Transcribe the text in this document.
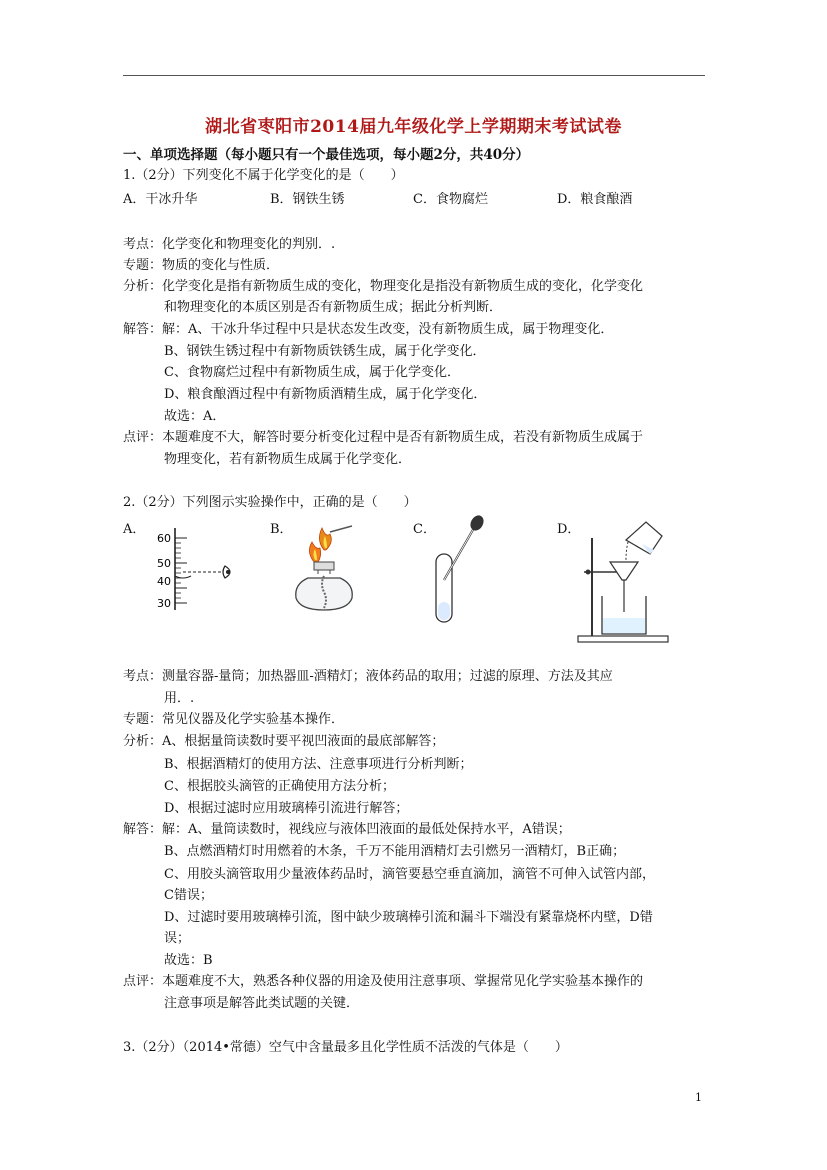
湖北省枣阳市2014届九年级化学上学期期末考试试卷
一、单项选择题（每小题只有一个最佳选项，每小题2分，共40分）
1.（2分）下列变化不属于化学变化的是（　　）
A．干冰升华	B．钢铁生锈	C．食物腐烂	D．粮食酿酒
考点：化学变化和物理变化的判别．.
专题：物质的变化与性质．
分析：化学变化是指有新物质生成的变化，物理变化是指没有新物质生成的变化，化学变化
和物理变化的本质区别是否有新物质生成；据此分析判断．
解答：解：A、干冰升华过程中只是状态发生改变，没有新物质生成，属于物理变化．
B、钢铁生锈过程中有新物质铁锈生成，属于化学变化．
C、食物腐烂过程中有新物质生成，属于化学变化．
D、粮食酿酒过程中有新物质酒精生成，属于化学变化．
故选：A．
点评：本题难度不大，解答时要分析变化过程中是否有新物质生成，若没有新物质生成属于
物理变化，若有新物质生成属于化学变化．
2.（2分）下列图示实验操作中，正确的是（　　）
A．	B．	C．	D．
60
50
40
30
考点：测量容器-量筒；加热器皿-酒精灯；液体药品的取用；过滤的原理、方法及其应
用．.
专题：常见仪器及化学实验基本操作．
分析：A、根据量筒读数时要平视凹液面的最底部解答；
B、根据酒精灯的使用方法、注意事项进行分析判断；
C、根据胶头滴管的正确使用方法分析；
D、根据过滤时应用玻璃棒引流进行解答；
解答：解：A、量筒读数时，视线应与液体凹液面的最低处保持水平，A错误；
B、点燃酒精灯时用燃着的木条，千万不能用酒精灯去引燃另一酒精灯，B正确；
C、用胶头滴管取用少量液体药品时，滴管要悬空垂直滴加，滴管不可伸入试管内部，
C错误；
D、过滤时要用玻璃棒引流，图中缺少玻璃棒引流和漏斗下端没有紧靠烧杯内壁，D错
误；
故选：B
点评：本题难度不大，熟悉各种仪器的用途及使用注意事项、掌握常见化学实验基本操作的
注意事项是解答此类试题的关键．
3.（2分）（2014•常德）空气中含量最多且化学性质不活泼的气体是（　　）
1
